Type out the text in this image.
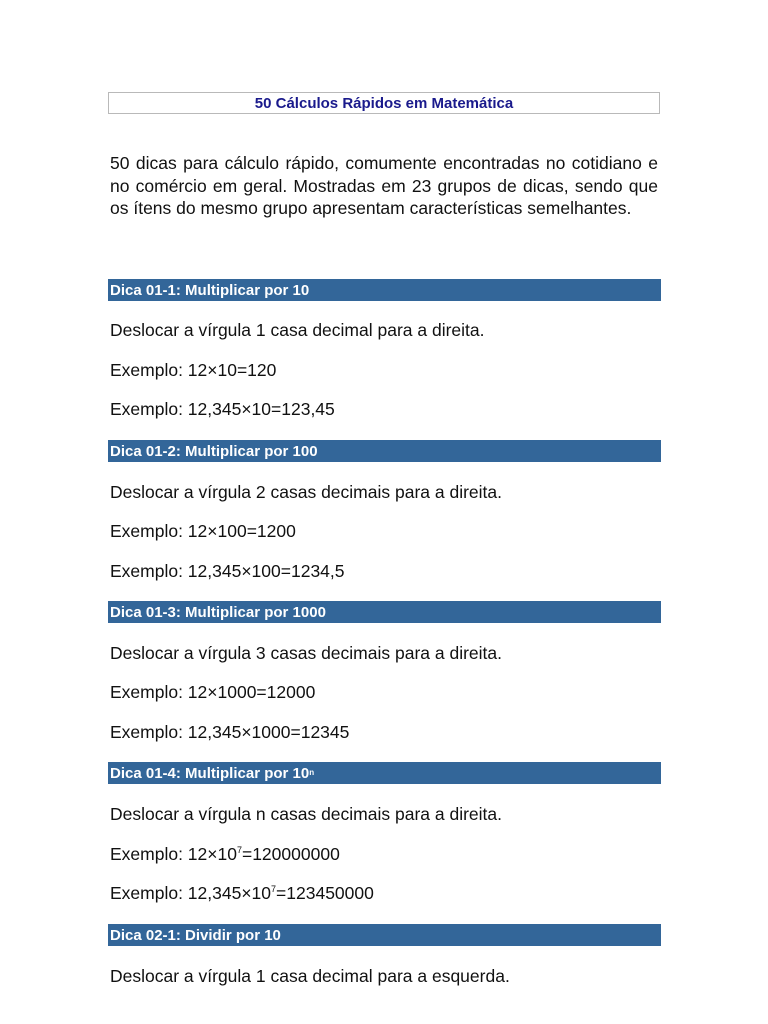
50 Cálculos Rápidos em Matemática

50 dicas para cálculo rápido, comumente encontradas no cotidiano e no comércio em geral. Mostradas em 23 grupos de dicas, sendo que os ítens do mesmo grupo apresentam características semelhantes.

Dica 01-1: Multiplicar por 10

Deslocar a vírgula 1 casa decimal para a direita.

Exemplo: 12×10=120

Exemplo: 12,345×10=123,45

Dica 01-2: Multiplicar por 100

Deslocar a vírgula 2 casas decimais para a direita.

Exemplo: 12×100=1200

Exemplo: 12,345×100=1234,5

Dica 01-3: Multiplicar por 1000

Deslocar a vírgula 3 casas decimais para a direita.

Exemplo: 12×1000=12000

Exemplo: 12,345×1000=12345

Dica 01-4: Multiplicar por 10 n

Deslocar a vírgula n casas decimais para a direita.

Exemplo: $12\times 10^7=120000000$

Exemplo: $12,345\times 10^7=123450000$

Dica 02-1: Dividir por 10

Deslocar a vírgula 1 casa decimal para a esquerda.
